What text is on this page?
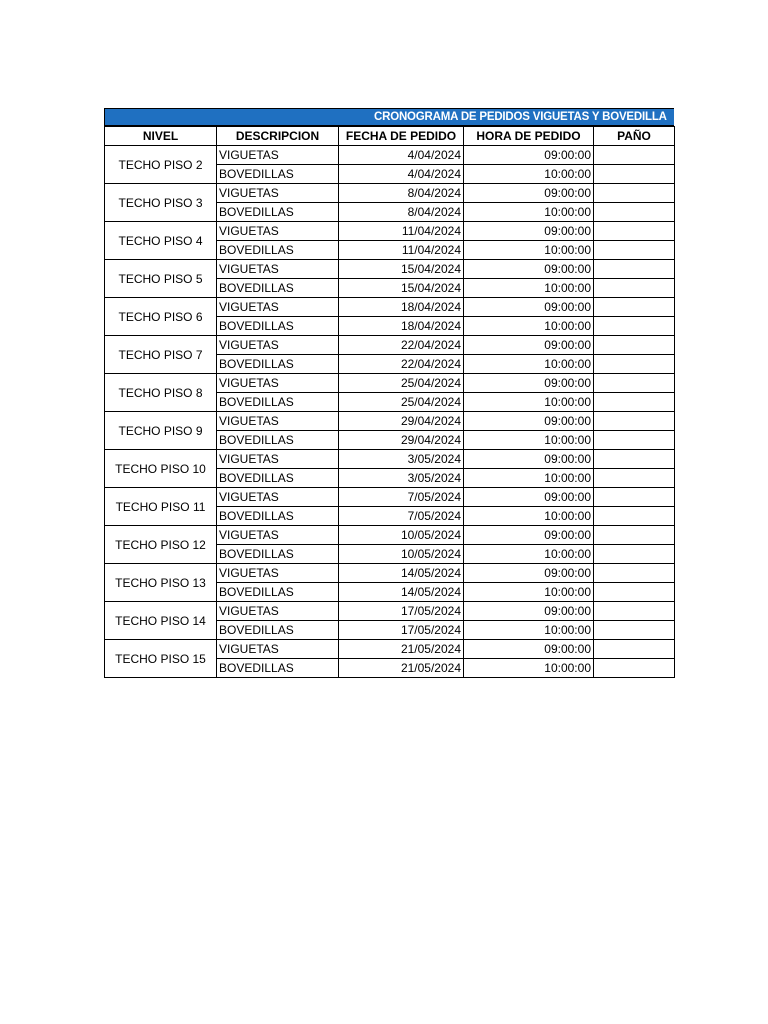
CRONOGRAMA DE PEDIDOS VIGUETAS Y BOVEDILLA
NIVEL	DESCRIPCION	FECHA DE PEDIDO	HORA DE PEDIDO	PAÑO
TECHO PISO 2	VIGUETAS	4/04/2024	09:00:00	
	BOVEDILLAS	4/04/2024	10:00:00	
TECHO PISO 3	VIGUETAS	8/04/2024	09:00:00	
	BOVEDILLAS	8/04/2024	10:00:00	
TECHO PISO 4	VIGUETAS	11/04/2024	09:00:00	
	BOVEDILLAS	11/04/2024	10:00:00	
TECHO PISO 5	VIGUETAS	15/04/2024	09:00:00	
	BOVEDILLAS	15/04/2024	10:00:00	
TECHO PISO 6	VIGUETAS	18/04/2024	09:00:00	
	BOVEDILLAS	18/04/2024	10:00:00	
TECHO PISO 7	VIGUETAS	22/04/2024	09:00:00	
	BOVEDILLAS	22/04/2024	10:00:00	
TECHO PISO 8	VIGUETAS	25/04/2024	09:00:00	
	BOVEDILLAS	25/04/2024	10:00:00	
TECHO PISO 9	VIGUETAS	29/04/2024	09:00:00	
	BOVEDILLAS	29/04/2024	10:00:00	
TECHO PISO 10	VIGUETAS	3/05/2024	09:00:00	
	BOVEDILLAS	3/05/2024	10:00:00	
TECHO PISO 11	VIGUETAS	7/05/2024	09:00:00	
	BOVEDILLAS	7/05/2024	10:00:00	
TECHO PISO 12	VIGUETAS	10/05/2024	09:00:00	
	BOVEDILLAS	10/05/2024	10:00:00	
TECHO PISO 13	VIGUETAS	14/05/2024	09:00:00	
	BOVEDILLAS	14/05/2024	10:00:00	
TECHO PISO 14	VIGUETAS	17/05/2024	09:00:00	
	BOVEDILLAS	17/05/2024	10:00:00	
TECHO PISO 15	VIGUETAS	21/05/2024	09:00:00	
	BOVEDILLAS	21/05/2024	10:00:00	
